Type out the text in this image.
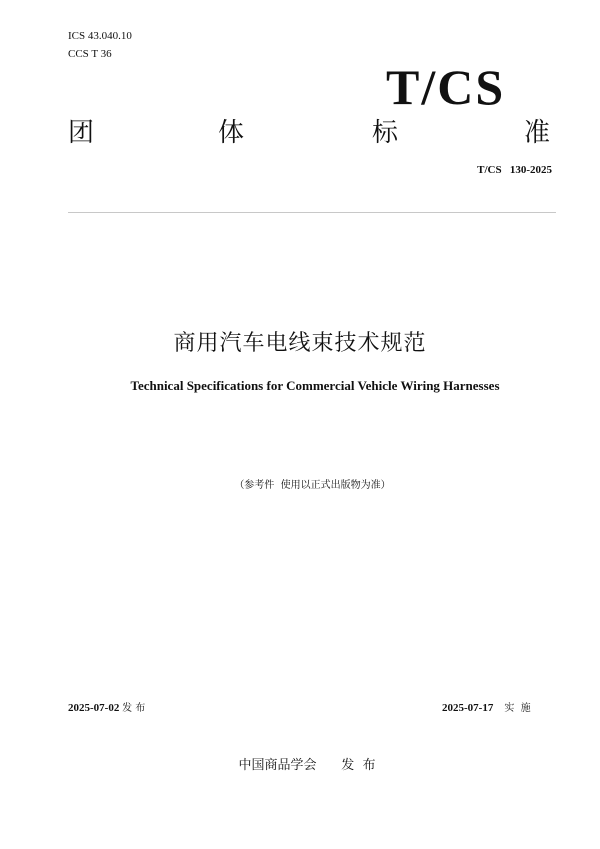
ICS 43.040.10
CCS T 36
T/CS
团	体	标	准
T/CS   130-2025
商用汽车电线束技术规范
Technical Specifications for Commercial Vehicle Wiring Harnesses
（参考件  使用以正式出版物为准）
2025-07-02 发 布	2025-07-17 实  施
中国商品学会 发  布
